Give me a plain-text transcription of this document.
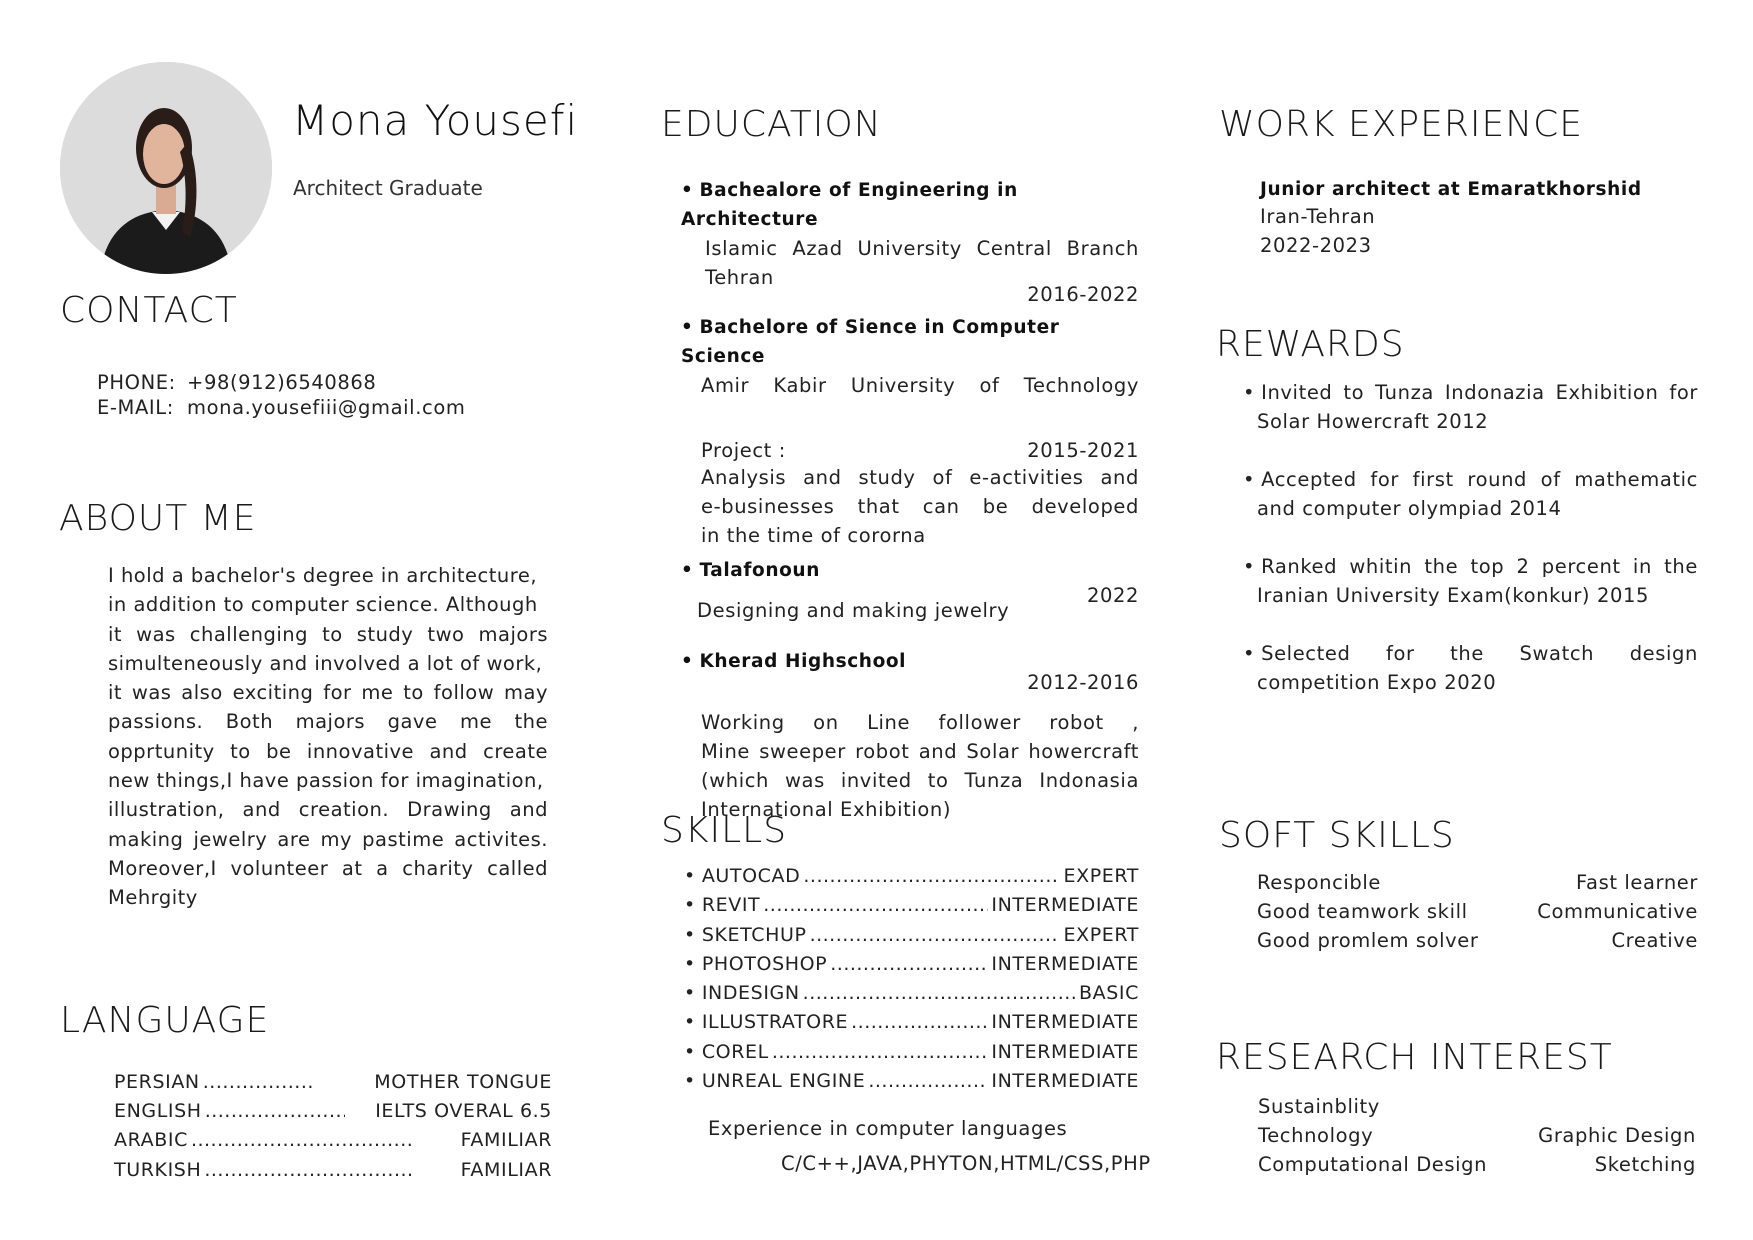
Mona Yousefi
Architect Graduate
CONTACT
PHONE: +98(912)6540868
E-MAIL: mona.yousefiii@gmail.com
ABOUT ME
I hold a bachelor's degree in architecture,
in addition to computer science. Although
it was challenging to study two majors
simulteneously and involved a lot of work,
it was also exciting for me to follow may
passions. Both majors gave me the
opprtunity to be innovative and create
new things,I have passion for imagination,
illustration, and creation. Drawing and
making jewelry are my pastime activites.
Moreover,I volunteer at a charity called
Mehrgity
LANGUAGE
PERSIAN .....	MOTHER TONGUE
ENGLISH .....	IELTS OVERAL 6.5
ARABIC .....	FAMILIAR
TURKISH .....	FAMILIAR
EDUCATION
• Bachealore of Engineering in Architecture
Islamic Azad University Central Branch
Tehran
2016-2022
• Bachelore of Sience in Computer Science
Amir Kabir University of Technology
Project :	2015-2021
Analysis and study of e-activities and
e-businesses that can be developed
in the time of cororna
• Talafonoun
2022
Designing and making jewelry
• Kherad Highschool
2012-2016
Working on Line follower robot ,
Mine sweeper robot and Solar howercraft
(which was invited to Tunza Indonasia
International Exhibition)
SKILLS
• AUTOCAD .....	EXPERT
• REVIT .....	INTERMEDIATE
• SKETCHUP .....	EXPERT
• PHOTOSHOP .....	INTERMEDIATE
• INDESIGN .....	BASIC
• ILLUSTRATORE .....	INTERMEDIATE
• COREL .....	INTERMEDIATE
• UNREAL ENGINE .....	INTERMEDIATE
Experience in computer languages
C/C++,JAVA,PHYTON,HTML/CSS,PHP
WORK EXPERIENCE
Junior architect at Emaratkhorshid
Iran-Tehran
2022-2023
REWARDS
• Invited to Tunza Indonazia Exhibition for
Solar Howercraft 2012
• Accepted for first round of mathematic
and computer olympiad 2014
• Ranked whitin the top 2 percent in the
Iranian University Exam(konkur) 2015
• Selected for the Swatch design
competition Expo 2020
SOFT SKILLS
Responcible	Fast learner
Good teamwork skill	Communicative
Good promlem solver	Creative
RESEARCH INTEREST
Sustainblity
Technology	Graphic Design
Computational Design	Sketching
